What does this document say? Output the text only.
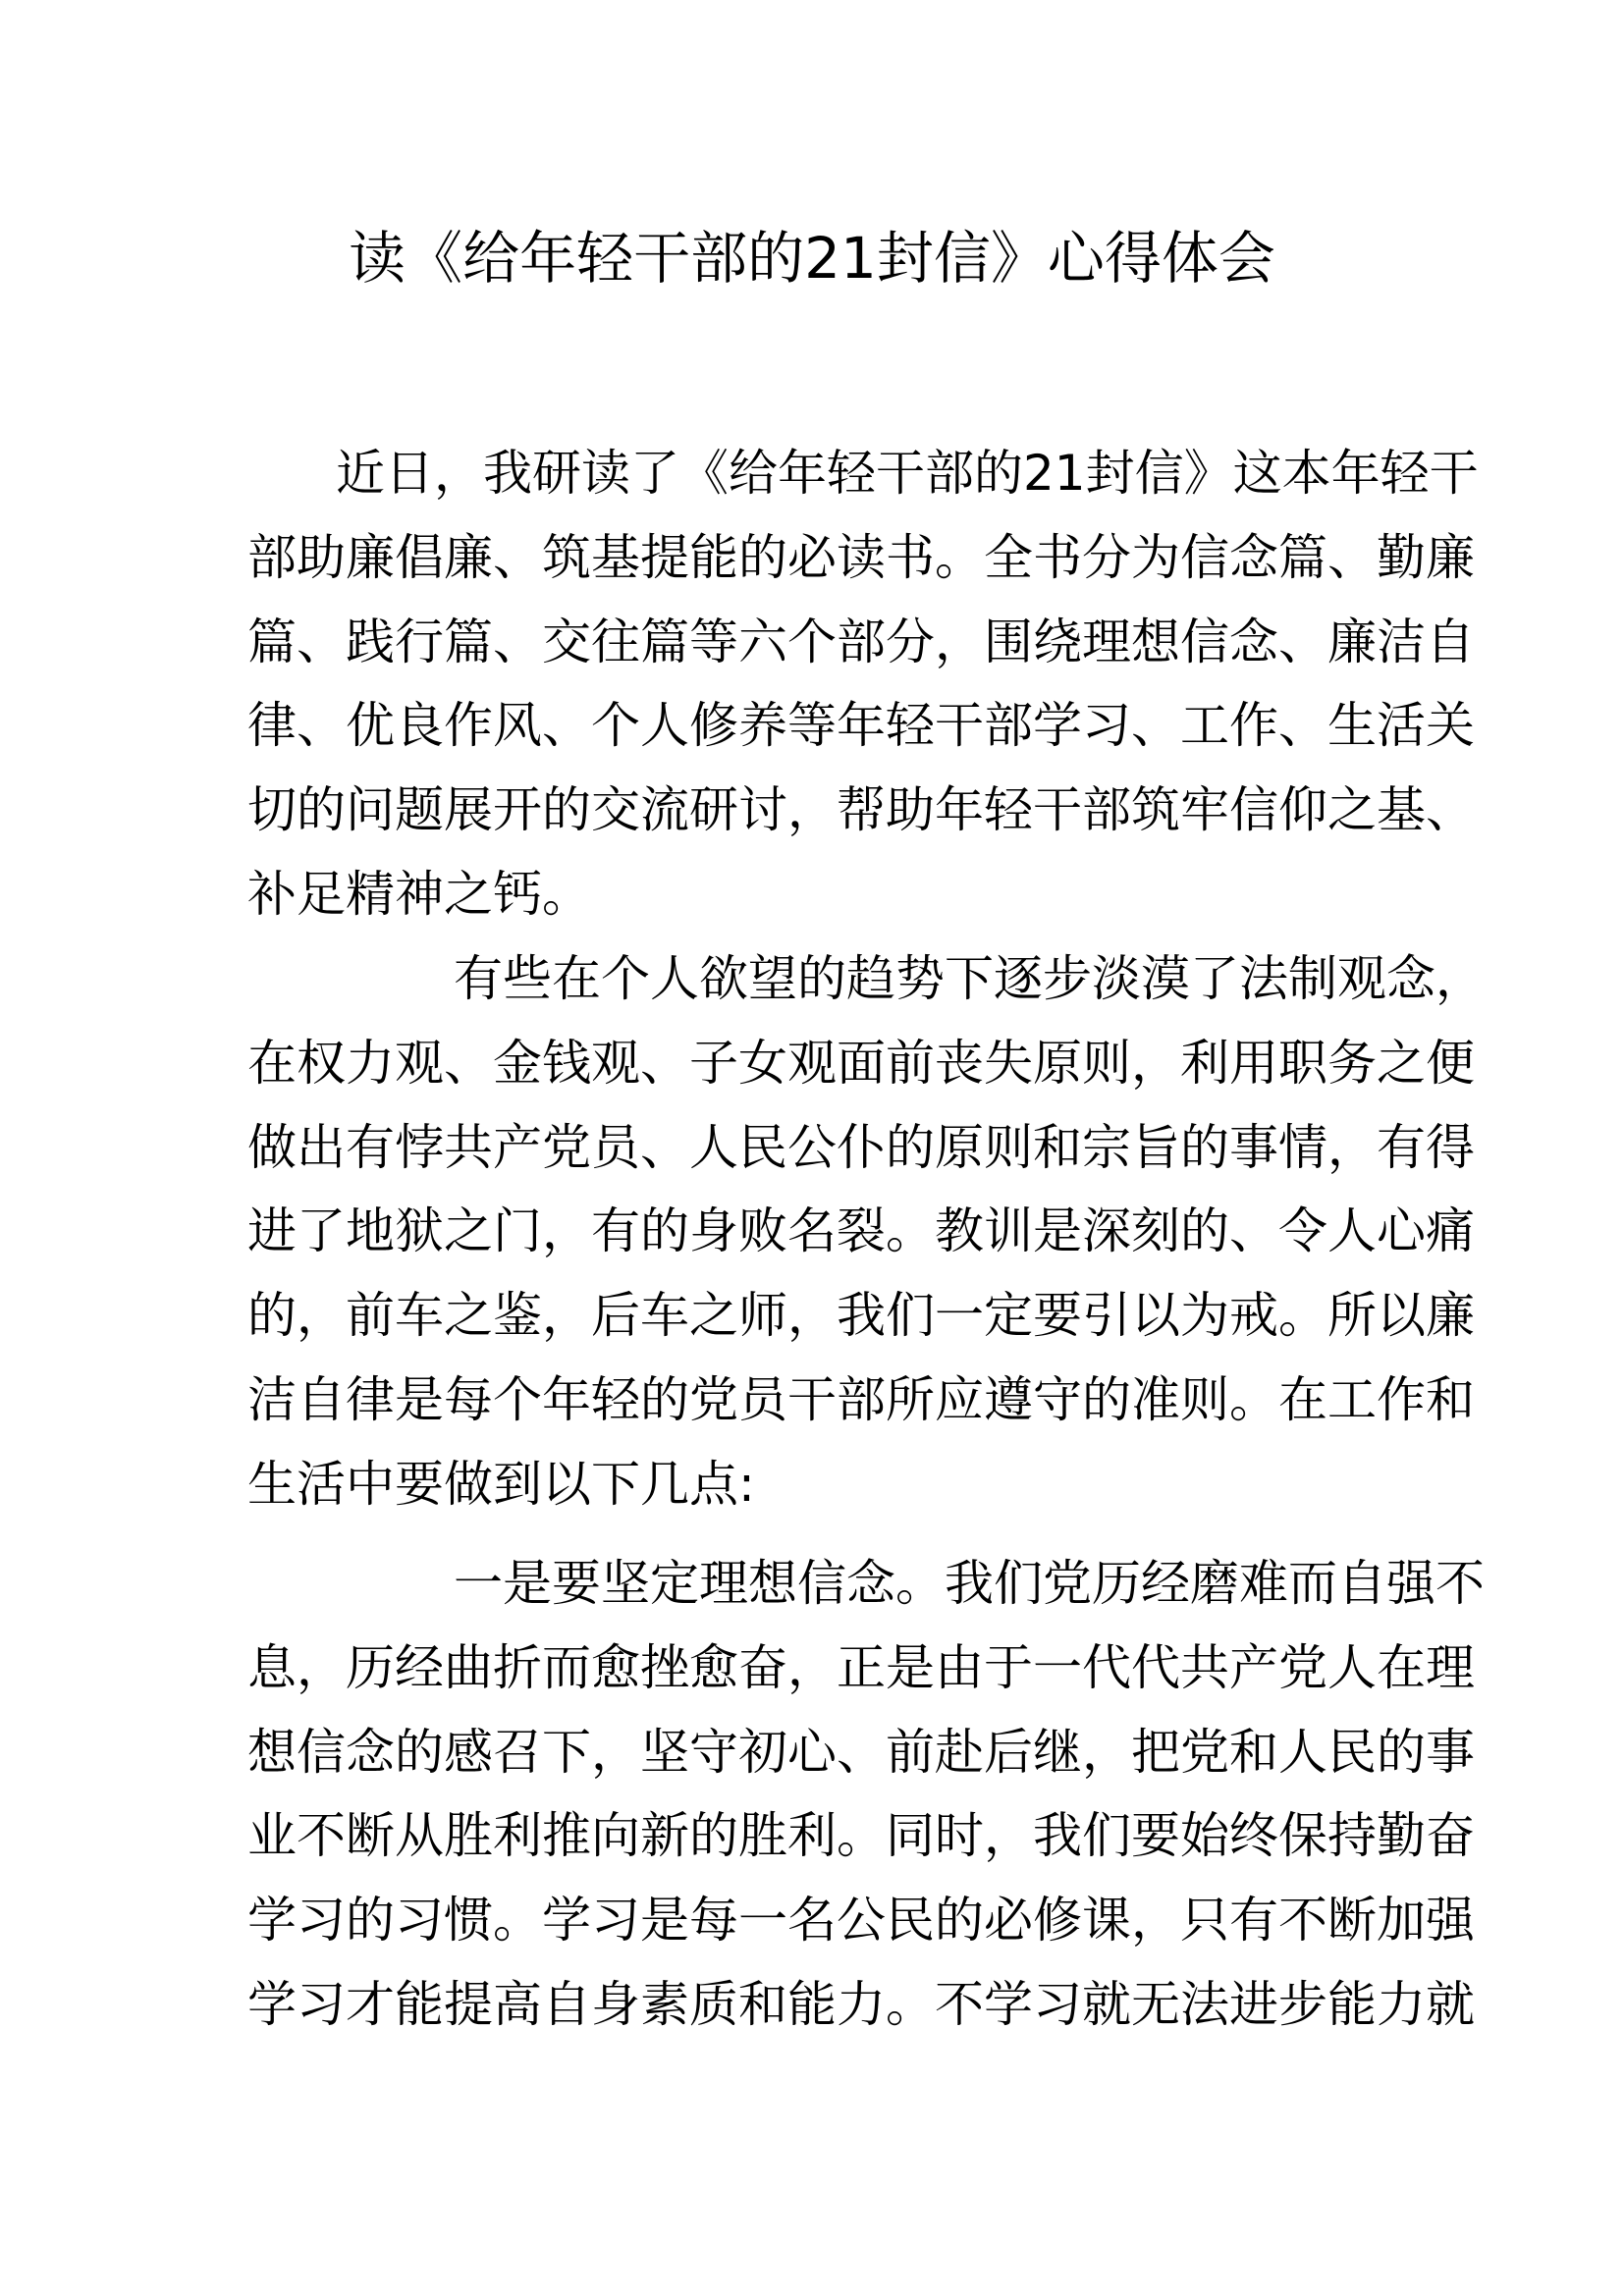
读《给年轻干部的21封信》心得体会
近日，我研读了《给年轻干部的21封信》这本年轻干
部助廉倡廉、筑基提能的必读书。全书分为信念篇、勤廉
篇、践行篇、交往篇等六个部分，围绕理想信念、廉洁自
律、优良作风、个人修养等年轻干部学习、工作、生活关
切的问题展开的交流研讨，帮助年轻干部筑牢信仰之基、
补足精神之钙。
有些在个人欲望的趋势下逐步淡漠了法制观念，
在权力观、金钱观、子女观面前丧失原则，利用职务之便
做出有悖共产党员、人民公仆的原则和宗旨的事情，有得
进了地狱之门，有的身败名裂。教训是深刻的、令人心痛
的，前车之鉴，后车之师，我们一定要引以为戒。所以廉
洁自律是每个年轻的党员干部所应遵守的准则。在工作和
生活中要做到以下几点:
一是要坚定理想信念。我们党历经磨难而自强不
息，历经曲折而愈挫愈奋，正是由于一代代共产党人在理
想信念的感召下，坚守初心、前赴后继，把党和人民的事
业不断从胜利推向新的胜利。同时，我们要始终保持勤奋
学习的习惯。学习是每一名公民的必修课，只有不断加强
学习才能提高自身素质和能力。不学习就无法进步能力就
